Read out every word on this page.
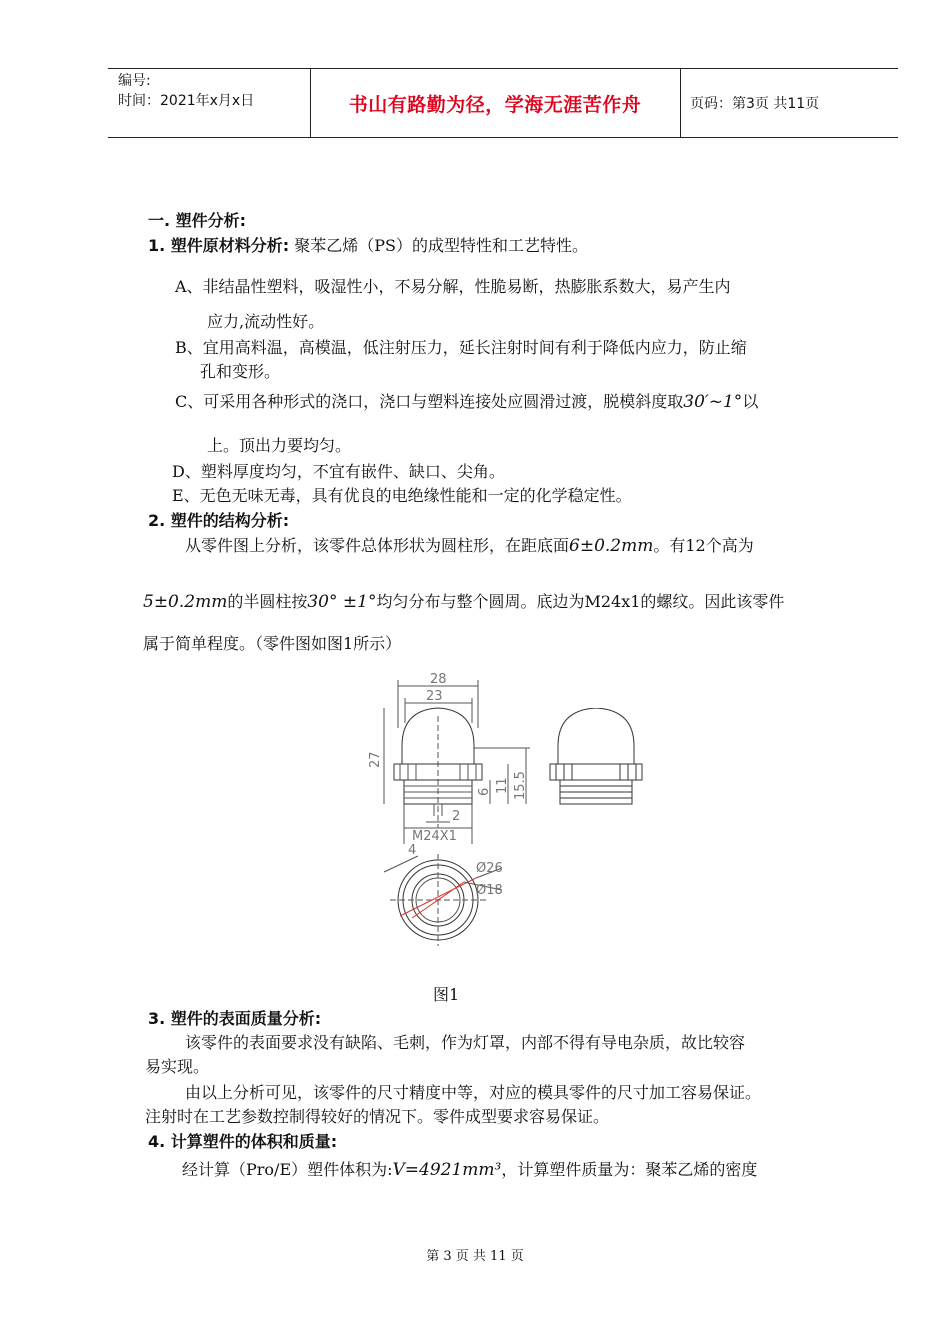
编号:
时间：2021年x月x日	书山有路勤为径，学海无涯苦作舟	页码：第3页 共11页
一. 塑件分析:
1. 塑件原材料分析: 聚苯乙烯（PS）的成型特性和工艺特性。
A、非结晶性塑料，吸湿性小，不易分解，性脆易断，热膨胀系数大，易产生内
应力,流动性好。
B、宜用高料温，高模温，低注射压力，延长注射时间有利于降低内应力，防止缩
孔和变形。
C、可采用各种形式的浇口，浇口与塑料连接处应圆滑过渡，脱模斜度取30′~1°以
上。顶出力要均匀。
D、塑料厚度均匀，不宜有嵌件、缺口、尖角。
E、无色无味无毒，具有优良的电绝缘性能和一定的化学稳定性。
2. 塑件的结构分析:
从零件图上分析，该零件总体形状为圆柱形，在距底面6±0.2mm。有12个高为
5±0.2mm的半圆柱按30° ±1°均匀分布与整个圆周。底边为M24x1的螺纹。因此该零件
属于简单程度。（零件图如图1所示）
28
23
27
6 11 15.5
2
M24X1
Ø26
Ø18
4
图1
3. 塑件的表面质量分析:
该零件的表面要求没有缺陷、毛刺，作为灯罩，内部不得有导电杂质，故比较容
易实现。
由以上分析可见，该零件的尺寸精度中等，对应的模具零件的尺寸加工容易保证。
注射时在工艺参数控制得较好的情况下。零件成型要求容易保证。
4. 计算塑件的体积和质量:
经计算（Pro/E）塑件体积为:V=4921mm³，计算塑件质量为：聚苯乙烯的密度
第 3 页 共 11 页
